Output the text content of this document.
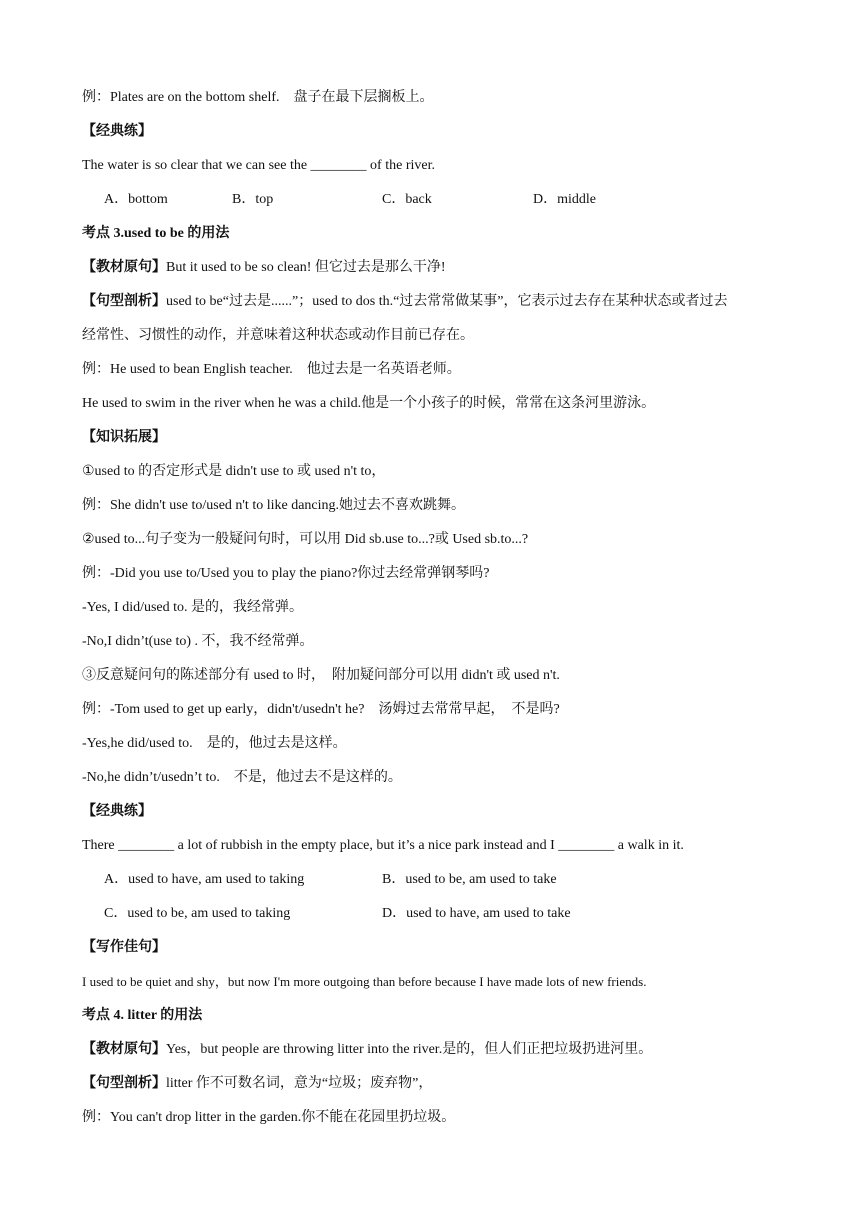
例：Plates are on the bottom shelf.　盘子在最下层搁板上。
【经典练】
The water is so clear that we can see the ________ of the river.
A．bottom	B．top	C．back	D．middle
考点 3.used to be 的用法
【教材原句】But it used to be so clean! 但它过去是那么干净!
【句型剖析】used to be“过去是......”；used to dos th.“过去常常做某事”，它表示过去存在某种状态或者过去
经常性、习惯性的动作，并意味着这种状态或动作目前已存在。
例：He used to bean English teacher.　他过去是一名英语老师。
He used to swim in the river when he was a child.他是一个小孩子的时候，常常在这条河里游泳。
【知识拓展】
①used to 的否定形式是 didn't use to 或 used n't to，
例：She didn't use to/used n't to like dancing.她过去不喜欢跳舞。
②used to...句子变为一般疑问句时，可以用 Did sb.use to...?或 Used sb.to...?
例：-Did you use to/Used you to play the piano?你过去经常弹钢琴吗?
-Yes, I did/used to. 是的，我经常弹。
-No,I didn’t(use to) . 不，我不经常弹。
③反意疑问句的陈述部分有 used to 时，　附加疑问部分可以用 didn't 或 used n't.
例：-Tom used to get up early，didn't/usedn't he?　汤姆过去常常早起，　不是吗?
-Yes,he did/used to.　是的，他过去是这样。
-No,he didn’t/usedn’t to.　不是，他过去不是这样的。
【经典练】
There ________ a lot of rubbish in the empty place, but it’s a nice park instead and I ________ a walk in it.
A．used to have, am used to taking	B．used to be, am used to take
C．used to be, am used to taking	D．used to have, am used to take
【写作佳句】
I used to be quiet and shy，but now I'm more outgoing than before because I have made lots of new friends.
考点 4. litter 的用法
【教材原句】Yes，but people are throwing litter into the river.是的，但人们正把垃圾扔进河里。
【句型剖析】litter 作不可数名词，意为“垃圾；废弃物”，
例：You can't drop litter in the garden.你不能在花园里扔垃圾。
